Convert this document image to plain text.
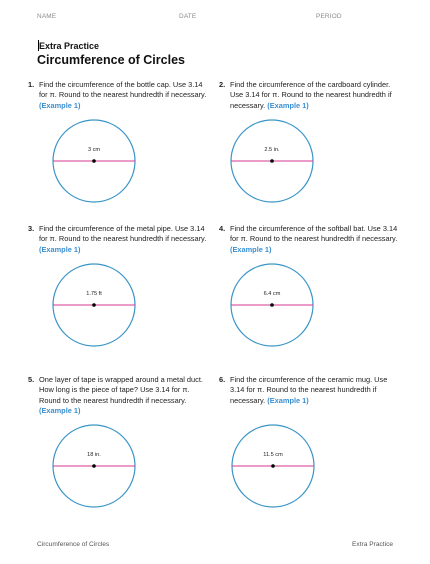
NAME	DATE	PERIOD
Extra Practice
Circumference of Circles
1. Find the circumference of the bottle cap. Use 3.14 for π. Round to the nearest hundredth if necessary. (Example 1)
3 cm
2. Find the circumference of the cardboard cylinder. Use 3.14 for π. Round to the nearest hundredth if necessary. (Example 1)
2.5 in.
3. Find the circumference of the metal pipe. Use 3.14 for π. Round to the nearest hundredth if necessary. (Example 1)
1.75 ft
4. Find the circumference of the softball bat. Use 3.14 for π. Round to the nearest hundredth if necessary. (Example 1)
6.4 cm
5. One layer of tape is wrapped around a metal duct. How long is the piece of tape? Use 3.14 for π. Round to the nearest hundredth if necessary. (Example 1)
18 in.
6. Find the circumference of the ceramic mug. Use 3.14 for π. Round to the nearest hundredth if necessary. (Example 1)
11.5 cm
Circumference of Circles	Extra Practice
